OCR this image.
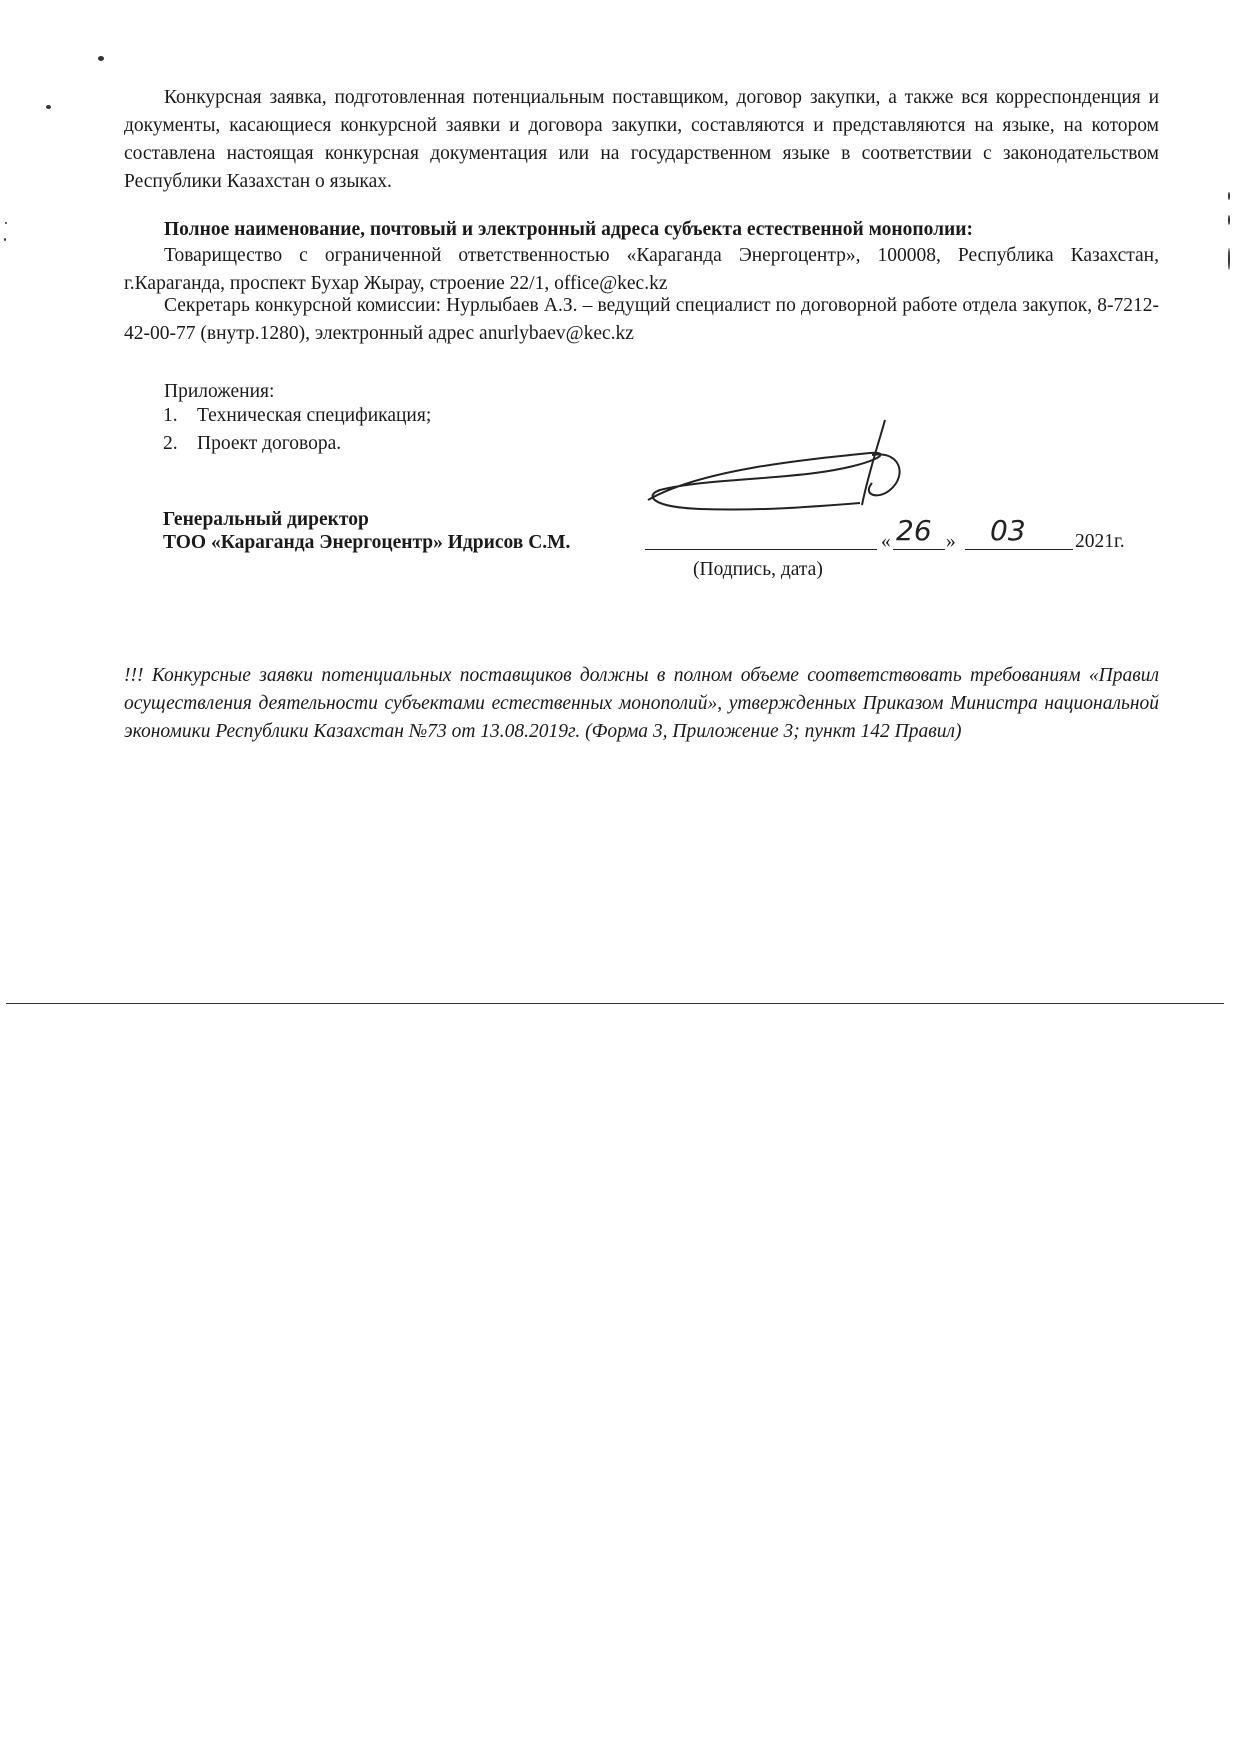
Конкурсная заявка, подготовленная потенциальным поставщиком, договор закупки, а также вся корреспонденция и документы, касающиеся конкурсной заявки и договора закупки, составляются и представляются на языке, на котором составлена настоящая конкурсная документация или на государственном языке в соответствии с законодательством Республики Казахстан о языках.
Полное наименование, почтовый и электронный адреса субъекта естественной монополии:
Товарищество с ограниченной ответственностью «Караганда Энергоцентр», 100008, Республика Казахстан, г.Караганда, проспект Бухар Жырау, строение 22/1, office@kec.kz
Секретарь конкурсной комиссии: Нурлыбаев А.З. – ведущий специалист по договорной работе отдела закупок, 8-7212-42-00-77 (внутр.1280), электронный адрес anurlybaev@kec.kz
Приложения:
1. Техническая спецификация;
2. Проект договора.
Генеральный директор
ТОО «Караганда Энергоцентр» Идрисов С.М.	« 26 » 03	2021г.
(Подпись, дата)
!!! Конкурсные заявки потенциальных поставщиков должны в полном объеме соответствовать требованиям «Правил осуществления деятельности субъектами естественных монополий», утвержденных Приказом Министра национальной экономики Республики Казахстан №73 от 13.08.2019г. (Форма 3, Приложение 3; пункт 142 Правил)
